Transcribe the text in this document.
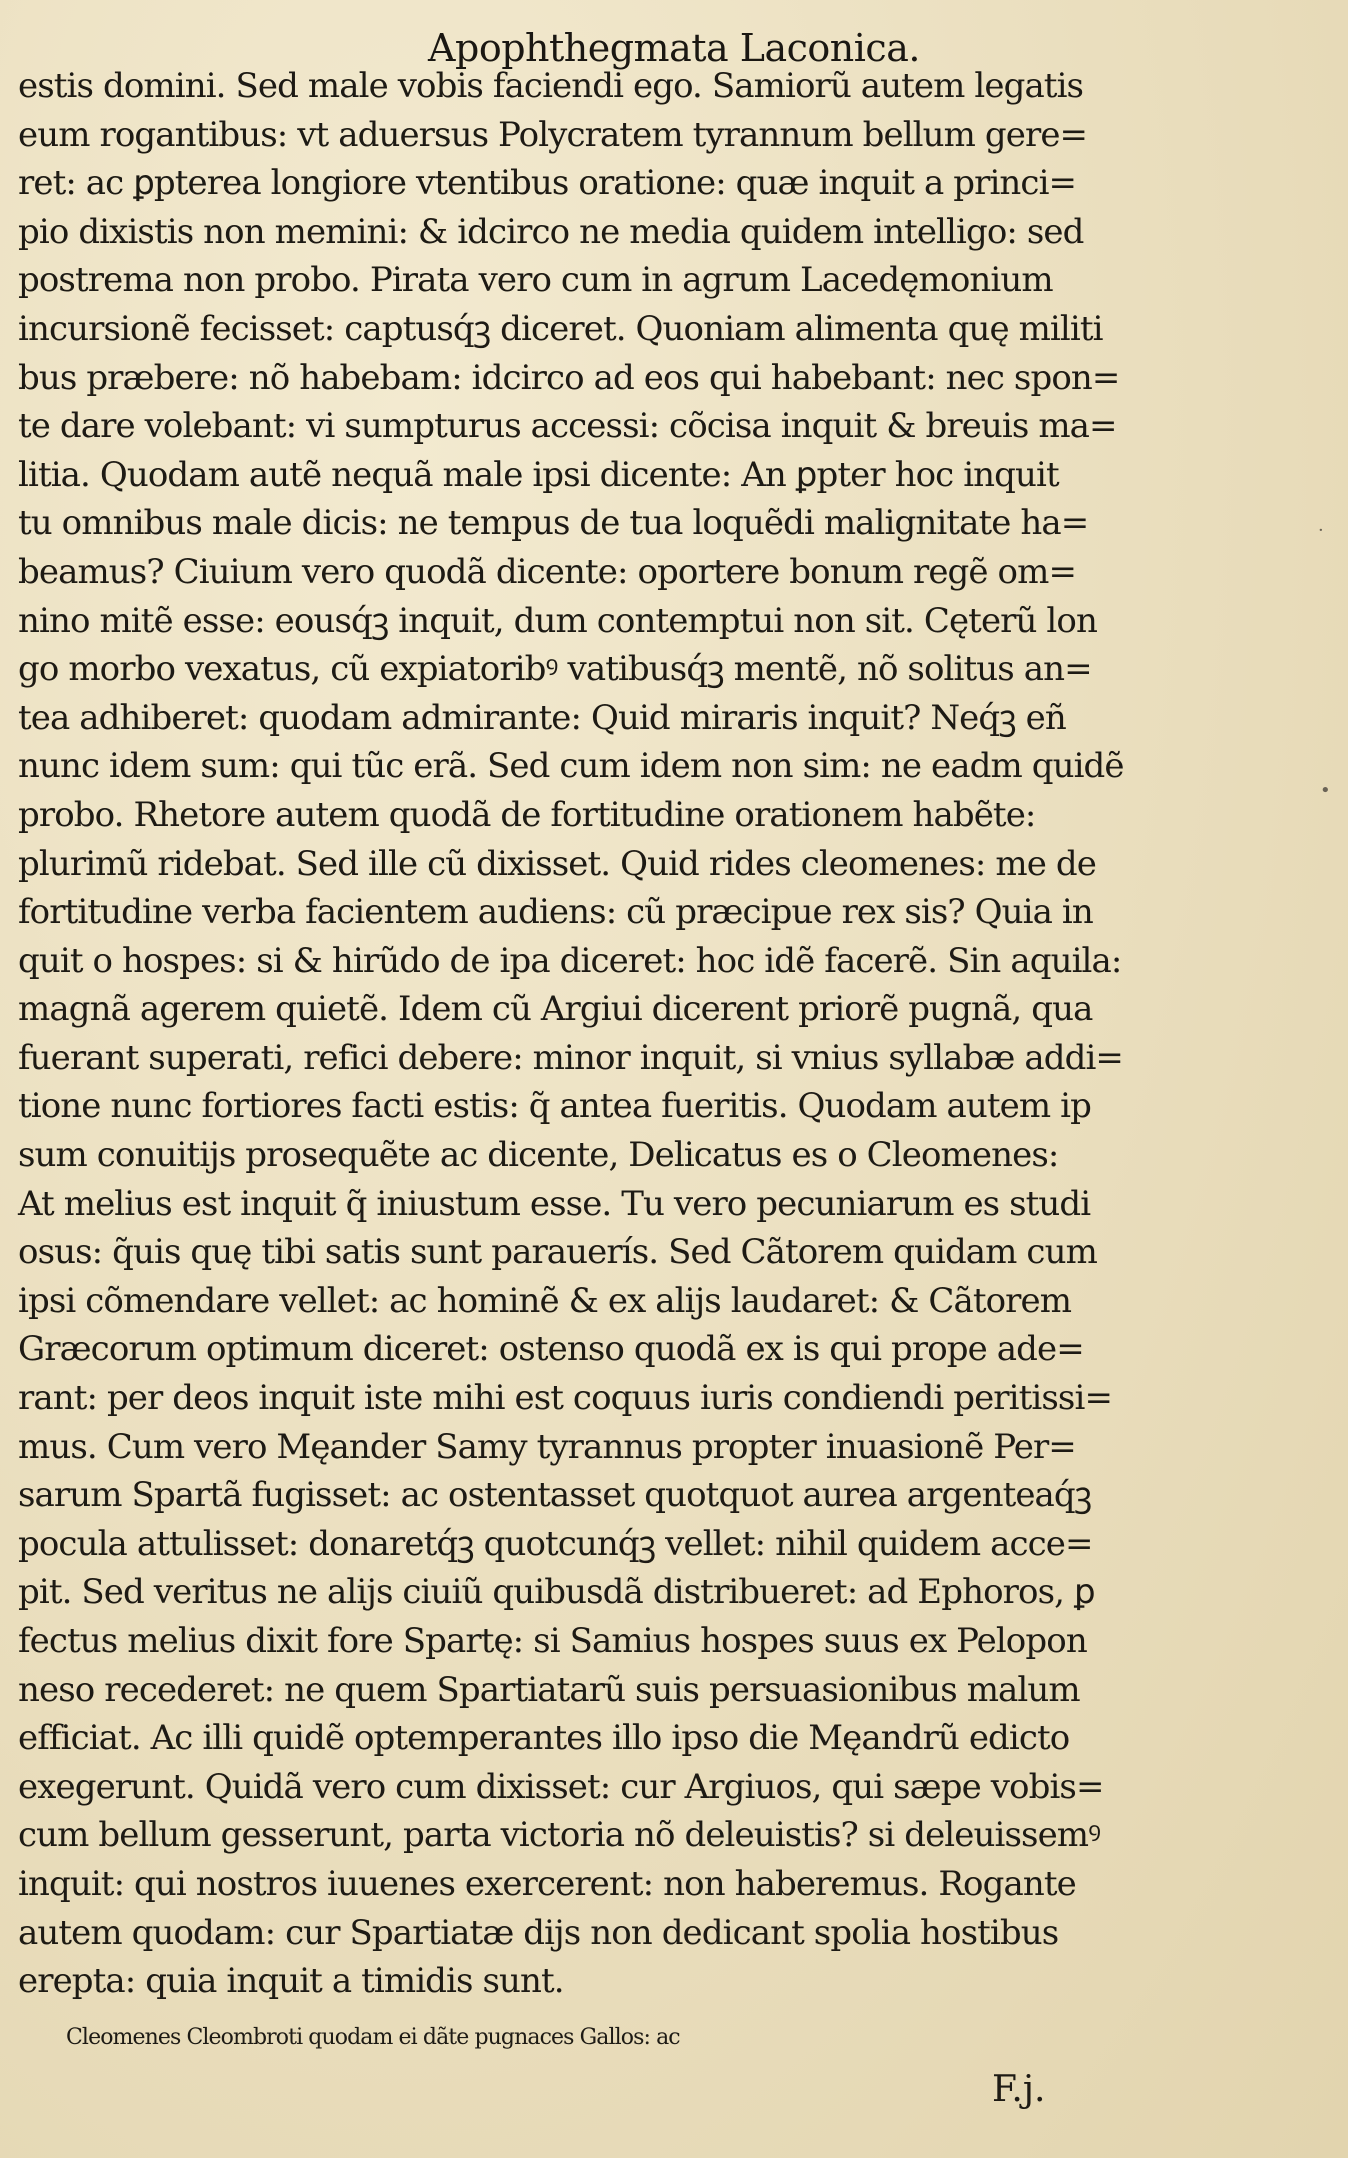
Apophthegmata Laconica.
estis domini. Sed male vobis faciendi ego. Samiorũ autem legatis
eum rogantibus: vt aduersus Polycratem tyrannum bellum gere=
ret: ac ꝑpterea longiore vtentibus oratione: quæ inquit a princi=
pio dixistis non memini: & idcirco ne media quidem intelligo: sed
postrema non probo. Pirata vero cum in agrum Lacedęmonium
incursionẽ fecisset: captusq́ꝫ diceret. Quoniam alimenta quę militi
bus præbere: nõ habebam: idcirco ad eos qui habebant: nec spon=
te dare volebant: vi sumpturus accessi: cõcisa inquit & breuis ma=
litia. Quodam autẽ nequã male ipsi dicente: An ꝑpter hoc inquit
tu omnibus male dicis: ne tempus de tua loquẽdi malignitate ha=
beamus? Ciuium vero quodã dicente: oportere bonum regẽ om=
nino mitẽ esse: eousq́ꝫ inquit, dum contemptui non sit. Cęterũ lon
go morbo vexatus, cũ expiatoribꝰ vatibusq́ꝫ mentẽ, nõ solitus an=
tea adhiberet: quodam admirante: Quid miraris inquit? Neq́ꝫ eñ
nunc idem sum: qui tũc erã. Sed cum idem non sim: ne eadm quidẽ
probo. Rhetore autem quodã de fortitudine orationem habẽte:
plurimũ ridebat. Sed ille cũ dixisset. Quid rides cleomenes: me de
fortitudine verba facientem audiens: cũ præcipue rex sis? Quia in
quit o hospes: si & hirũdo de ipa diceret: hoc idẽ facerẽ. Sin aquila:
magnã agerem quietẽ. Idem cũ Argiui dicerent priorẽ pugnã, qua
fuerant superati, refici debere: minor inquit, si vnius syllabæ addi=
tione nunc fortiores facti estis: q̃ antea fueritis. Quodam autem ip
sum conuitijs prosequẽte ac dicente, Delicatus es o Cleomenes:
At melius est inquit q̃ iniustum esse. Tu vero pecuniarum es studi
osus: q̃uis quę tibi satis sunt parauerís. Sed Cãtorem quidam cum
ipsi cõmendare vellet: ac hominẽ & ex alijs laudaret: & Cãtorem
Græcorum optimum diceret: ostenso quodã ex is qui prope ade=
rant: per deos inquit iste mihi est coquus iuris condiendi peritissi=
mus. Cum vero Męander Samy tyrannus propter inuasionẽ Per=
sarum Spartã fugisset: ac ostentasset quotquot aurea argenteaq́ꝫ
pocula attulisset: donaretq́ꝫ quotcunq́ꝫ vellet: nihil quidem acce=
pit. Sed veritus ne alijs ciuiũ quibusdã distribueret: ad Ephoros, ꝑ
fectus melius dixit fore Spartę: si Samius hospes suus ex Pelopon
neso recederet: ne quem Spartiatarũ suis persuasionibus malum
efficiat. Ac illi quidẽ optemperantes illo ipso die Męandrũ edicto
exegerunt. Quidã vero cum dixisset: cur Argiuos, qui sæpe vobis=
cum bellum gesserunt, parta victoria nõ deleuistis? si deleuissemꝰ
inquit: qui nostros iuuenes exercerent: non haberemus. Rogante
autem quodam: cur Spartiatæ dijs non dedicant spolia hostibus
erepta: quia inquit a timidis sunt.
Cleomenes Cleombroti quodam ei dãte pugnaces Gallos: ac
F.j.
·
•
